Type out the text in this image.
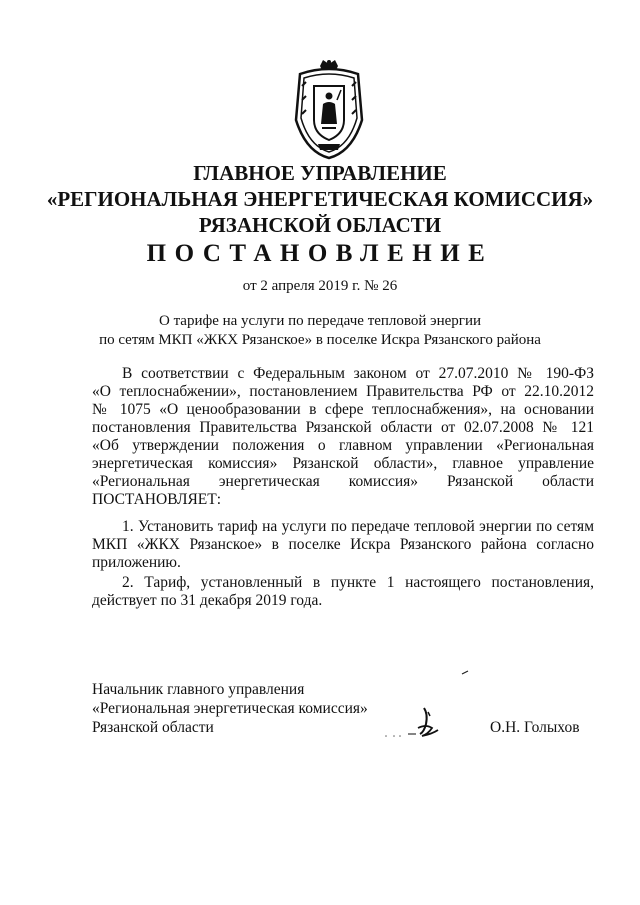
ГЛАВНОЕ УПРАВЛЕНИЕ
«РЕГИОНАЛЬНАЯ ЭНЕРГЕТИЧЕСКАЯ КОМИССИЯ»
РЯЗАНСКОЙ ОБЛАСТИ
ПОСТАНОВЛЕНИЕ
от 2 апреля 2019 г. № 26
О тарифе на услуги по передаче тепловой энергии
по сетям МКП «ЖКХ Рязанское» в поселке Искра Рязанского района
В соответствии с Федеральным законом от 27.07.2010 № 190-ФЗ
«О теплоснабжении», постановлением Правительства РФ от 22.10.2012
№ 1075 «О ценообразовании в сфере теплоснабжения», на основании
постановления Правительства Рязанской области от 02.07.2008 № 121
«Об утверждении положения о главном управлении «Региональная
энергетическая комиссия» Рязанской области», главное управление
«Региональная энергетическая комиссия» Рязанской области
ПОСТАНОВЛЯЕТ:
1. Установить тариф на услуги по передаче тепловой энергии по сетям
МКП «ЖКХ Рязанское» в поселке Искра Рязанского района согласно
приложению.
2. Тариф, установленный в пункте 1 настоящего постановления,
действует по 31 декабря 2019 года.
Начальник главного управления
«Региональная энергетическая комиссия»
Рязанской области	О.Н. Голыхов
